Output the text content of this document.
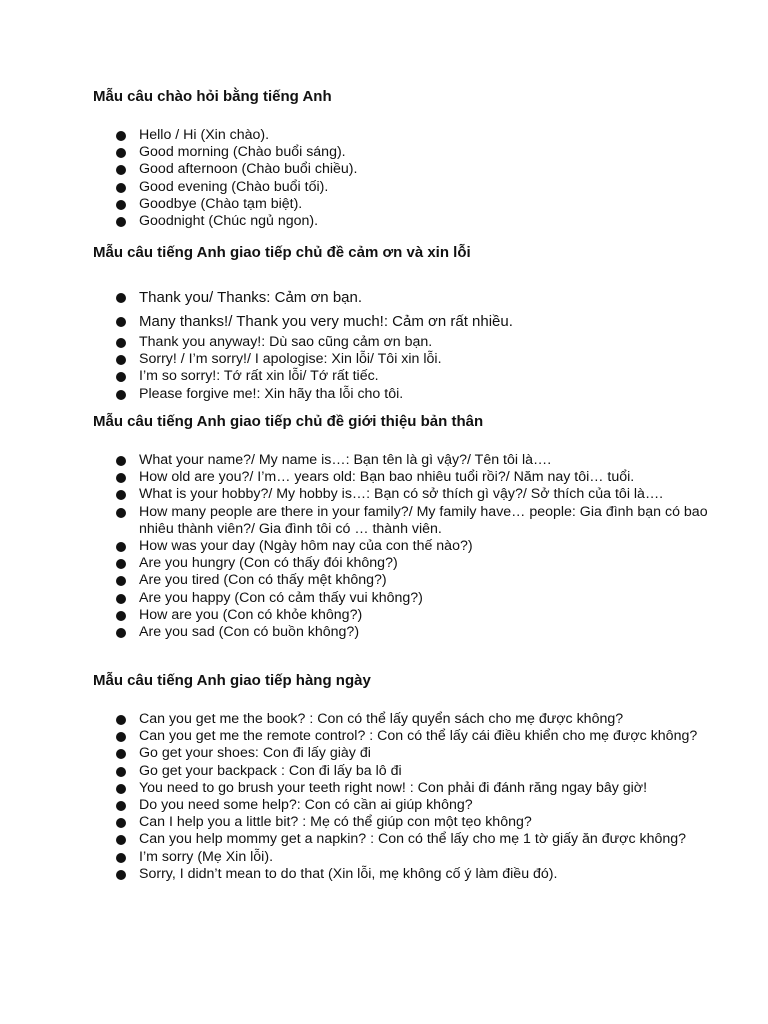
Mẫu câu chào hỏi bằng tiếng Anh

Hello / Hi (Xin chào).
Good morning (Chào buổi sáng).
Good afternoon (Chào buổi chiều).
Good evening (Chào buổi tối).
Goodbye (Chào tạm biệt).
Goodnight (Chúc ngủ ngon).

Mẫu câu tiếng Anh giao tiếp chủ đề cảm ơn và xin lỗi

Thank you/ Thanks: Cảm ơn bạn.
Many thanks!/ Thank you very much!: Cảm ơn rất nhiều.
Thank you anyway!: Dù sao cũng cảm ơn bạn.
Sorry! / I’m sorry!/ I apologise: Xin lỗi/ Tôi xin lỗi.
I’m so sorry!: Tớ rất xin lỗi/ Tớ rất tiếc.
Please forgive me!: Xin hãy tha lỗi cho tôi.

Mẫu câu tiếng Anh giao tiếp chủ đề giới thiệu bản thân

What your name?/ My name is…: Bạn tên là gì vậy?/ Tên tôi là….
How old are you?/ I’m… years old: Bạn bao nhiêu tuổi rồi?/ Năm nay tôi… tuổi.
What is your hobby?/ My hobby is…: Bạn có sở thích gì vậy?/ Sở thích của tôi là….
How many people are there in your family?/ My family have… people: Gia đình bạn có bao nhiêu thành viên?/ Gia đình tôi có … thành viên.
How was your day (Ngày hôm nay của con thế nào?)
Are you hungry (Con có thấy đói không?)
Are you tired (Con có thấy mệt không?)
Are you happy (Con có cảm thấy vui không?)
How are you (Con có khỏe không?)
Are you sad (Con có buồn không?)

Mẫu câu tiếng Anh giao tiếp hàng ngày

Can you get me the book? : Con có thể lấy quyển sách cho mẹ được không?
Can you get me the remote control? : Con có thể lấy cái điều khiển cho mẹ được không?
Go get your shoes: Con đi lấy giày đi
Go get your backpack : Con đi lấy ba lô đi
You need to go brush your teeth right now! : Con phải đi đánh răng ngay bây giờ!
Do you need some help?: Con có cần ai giúp không?
Can I help you a little bit? : Mẹ có thể giúp con một tẹo không?
Can you help mommy get a napkin? : Con có thể lấy cho mẹ 1 tờ giấy ăn được không?
I’m sorry (Mẹ Xin lỗi).
Sorry, I didn’t mean to do that (Xin lỗi, mẹ không cố ý làm điều đó).
